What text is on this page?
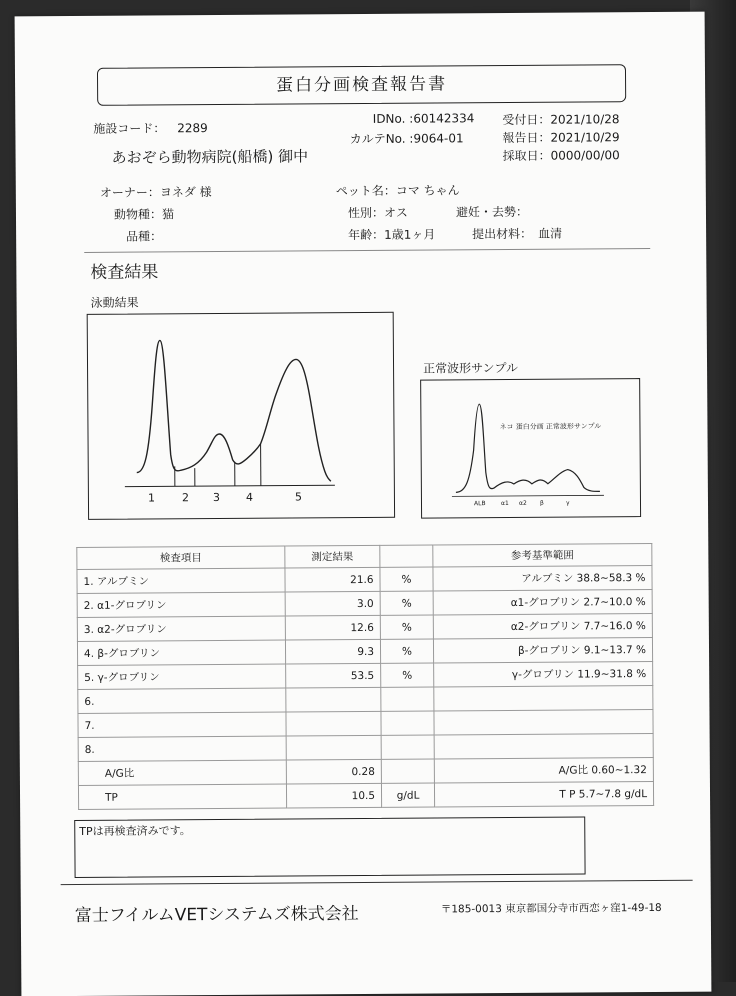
蛋白分画検査報告書
施設コード： 2289
あおぞら動物病院(船橋) 御中
IDNo. :60142334
カルテNo. :9064-01
受付日：2021/10/28
報告日：2021/10/29
採取日：0000/00/00
オーナー：ヨネダ 様
動物種：猫
品種：
ペット名：コマ ちゃん
性別：オス	避妊・去勢：
年齢：1歳1ヶ月	提出材料： 血清
検査結果
泳動結果
1 2 3 4	5
正常波形サンプル
ネコ 蛋白分画 正常波形サンプル
ALB	α1 α2 β	γ
検査項目	測定結果		参考基準範囲
1. アルブミン	21.6	%	アルブミン 38.8~58.3 %
2. α1-グロブリン	3.0	%	α1-グロブリン 2.7~10.0 %
3. α2-グロブリン	12.6	%	α2-グロブリン 7.7~16.0 %
4. β-グロブリン	9.3	%	β-グロブリン 9.1~13.7 %
5. γ-グロブリン	53.5	%	γ-グロブリン 11.9~31.8 %
6.			
7.			
8.			
A/G比	0.28		A/G比 0.60~1.32
TP	10.5	g/dL	T P 5.7~7.8 g/dL
TPは再検査済みです。
富士フイルムVETシステムズ株式会社	〒185-0013 東京都国分寺市西恋ヶ窪1-49-18
